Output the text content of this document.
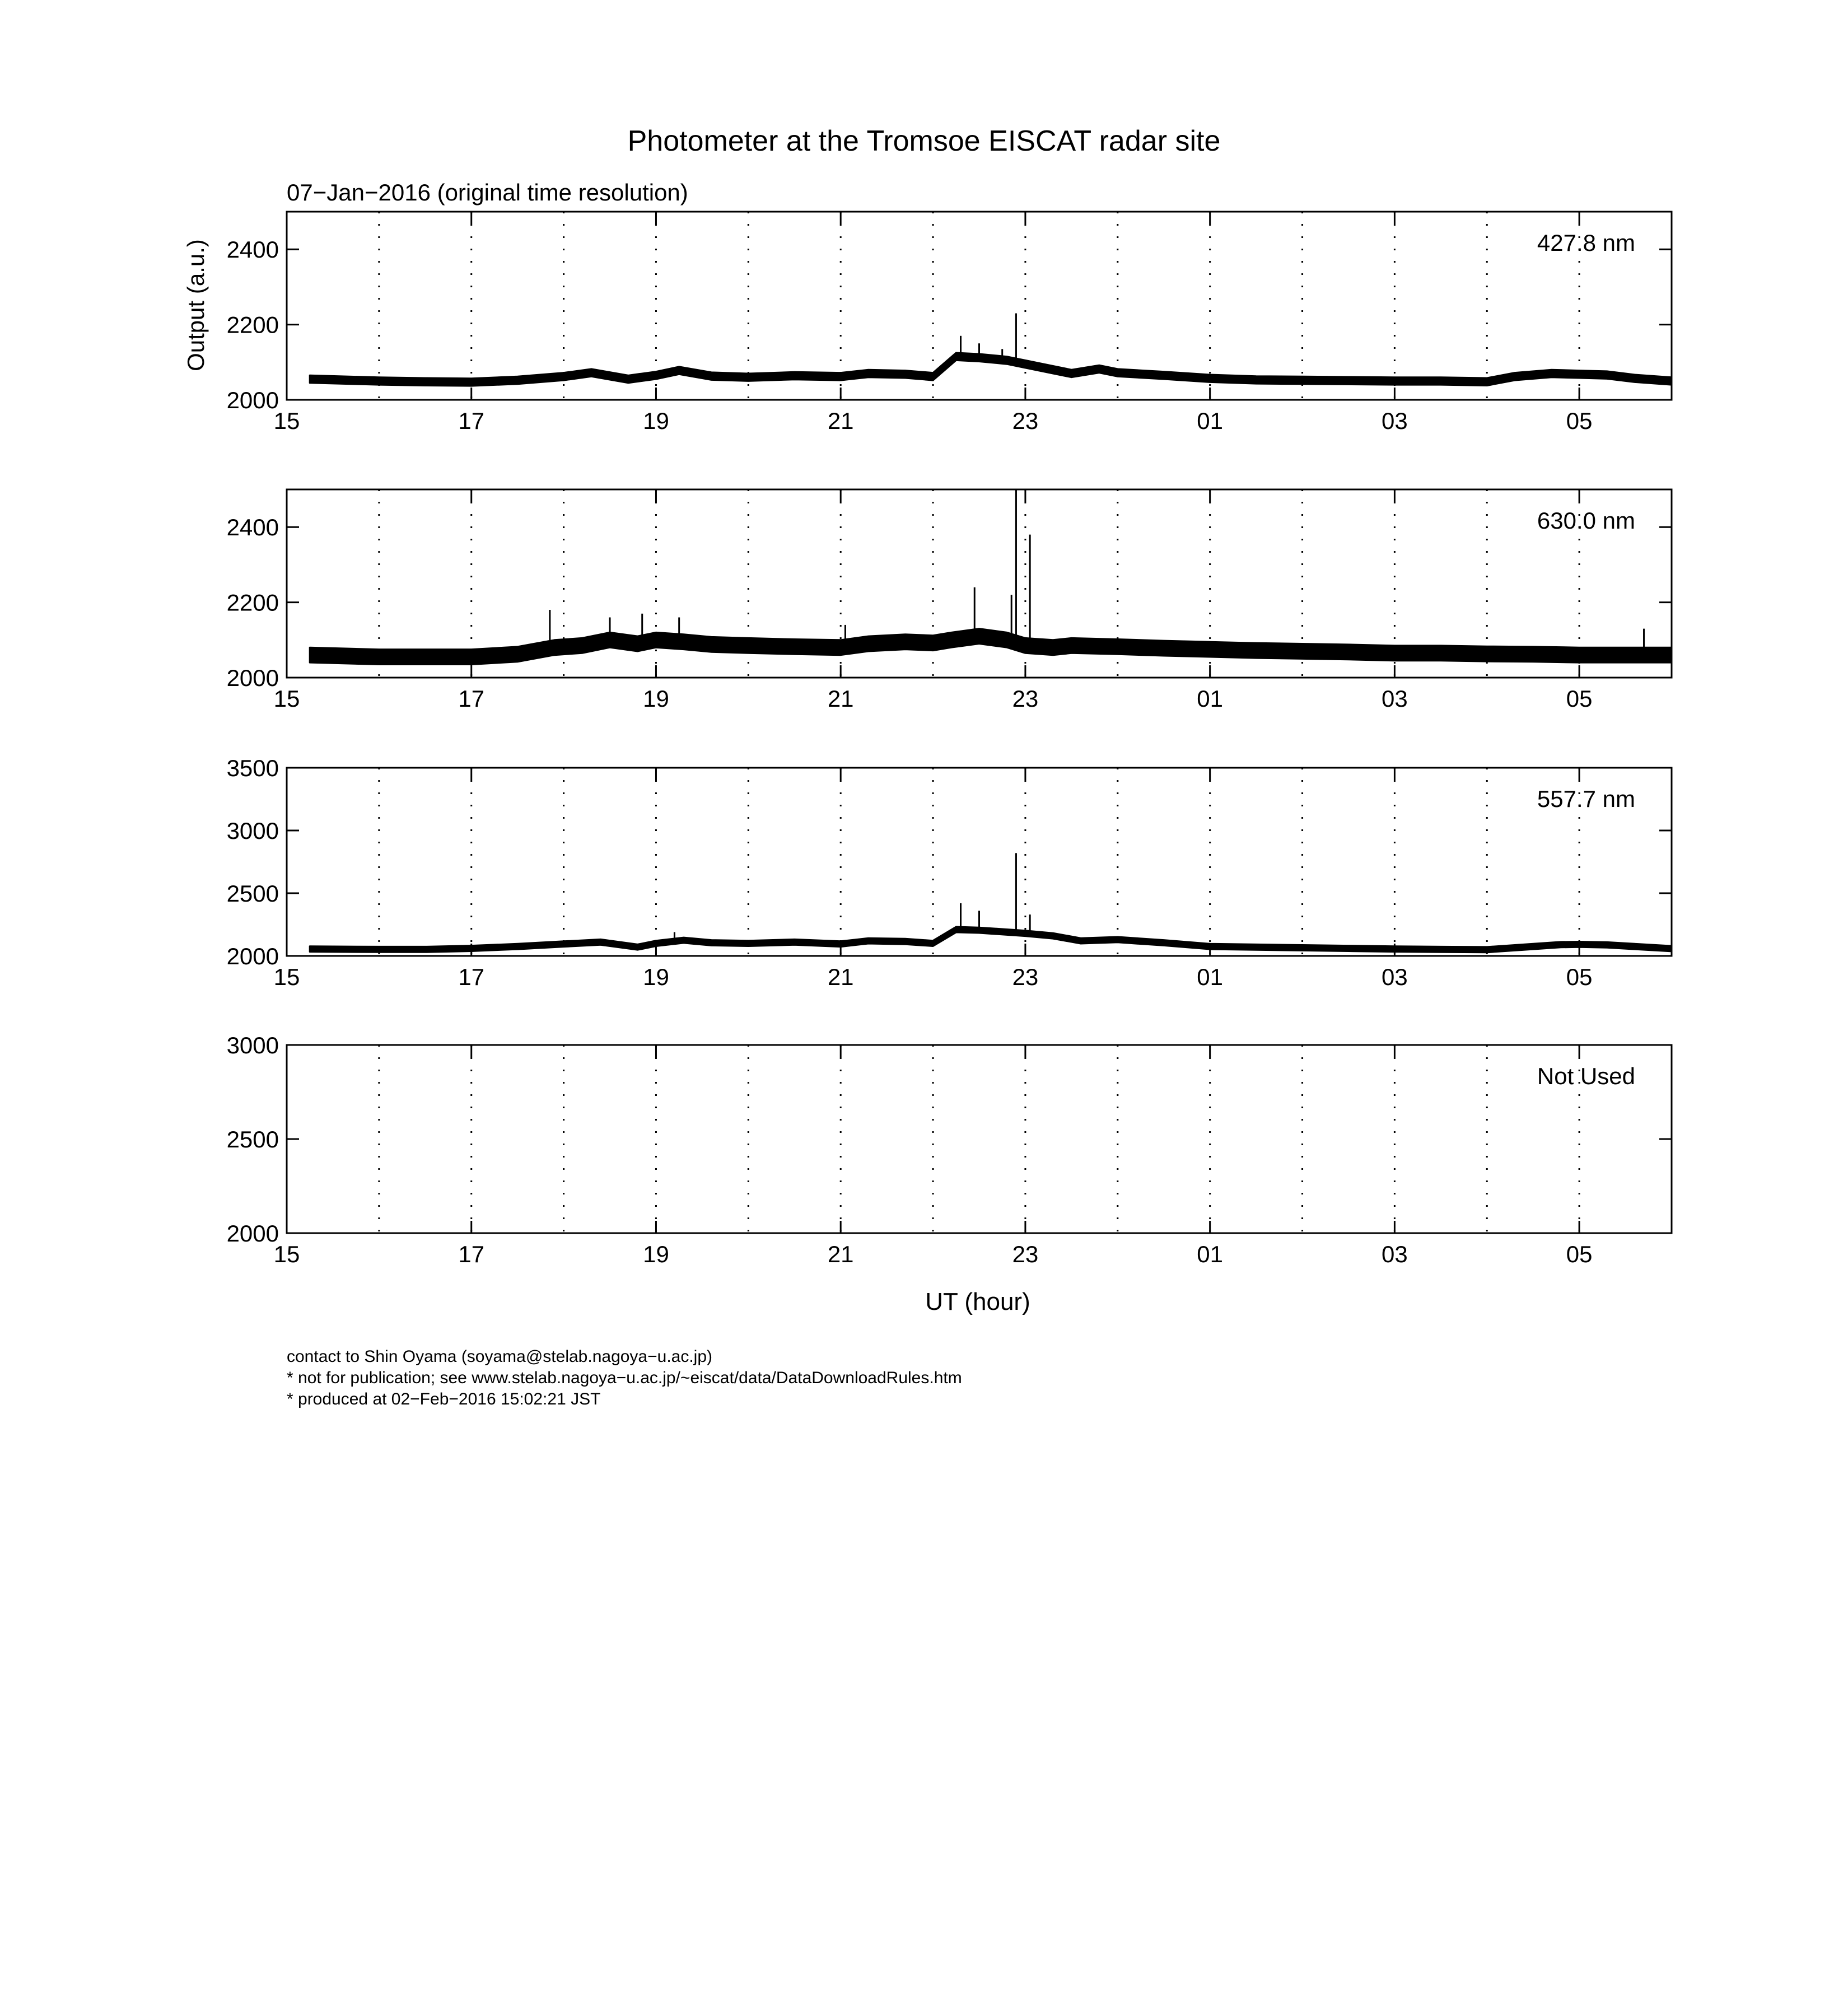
Photometer at the Tromsoe EISCAT radar site
07−Jan−2016 (original time resolution)
Output (a.u.)
15	17	19	21	23	01	03	05
2000
2200
2400	427.8 nm
15	17	19	21	23	01	03	05
2000
2200
2400	630.0 nm
15	17	19	21	23	01	03	05
2000
2500
3000
3500
557.7 nm
15	17	19	21	23	01	03	05
2000
2500
3000
Not Used
UT (hour)
contact to Shin Oyama (soyama@stelab.nagoya−u.ac.jp)
* not for publication; see www.stelab.nagoya−u.ac.jp/~eiscat/data/DataDownloadRules.htm
* produced at 02−Feb−2016 15:02:21 JST
